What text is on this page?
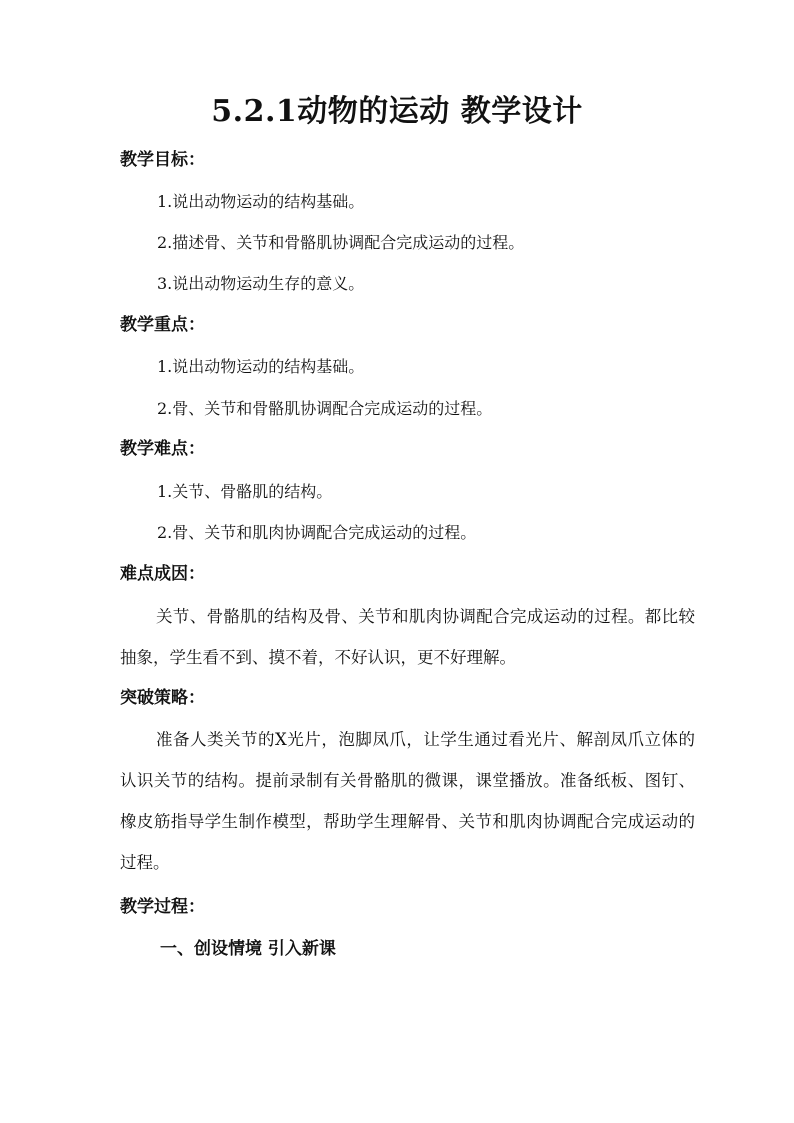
5.2.1动物的运动 教学设计

教学目标：

1.说出动物运动的结构基础。

2.描述骨、关节和骨骼肌协调配合完成运动的过程。

3.说出动物运动生存的意义。

教学重点：

1.说出动物运动的结构基础。

2.骨、关节和骨骼肌协调配合完成运动的过程。

教学难点：

1.关节、骨骼肌的结构。

2.骨、关节和肌肉协调配合完成运动的过程。

难点成因：

关节、骨骼肌的结构及骨、关节和肌肉协调配合完成运动的过程。都比较抽象，学生看不到、摸不着，不好认识，更不好理解。

突破策略：

准备人类关节的X光片，泡脚凤爪，让学生通过看光片、解剖凤爪立体的认识关节的结构。提前录制有关骨骼肌的微课，课堂播放。准备纸板、图钉、橡皮筋指导学生制作模型，帮助学生理解骨、关节和肌肉协调配合完成运动的过程。

教学过程：

一、创设情境 引入新课
